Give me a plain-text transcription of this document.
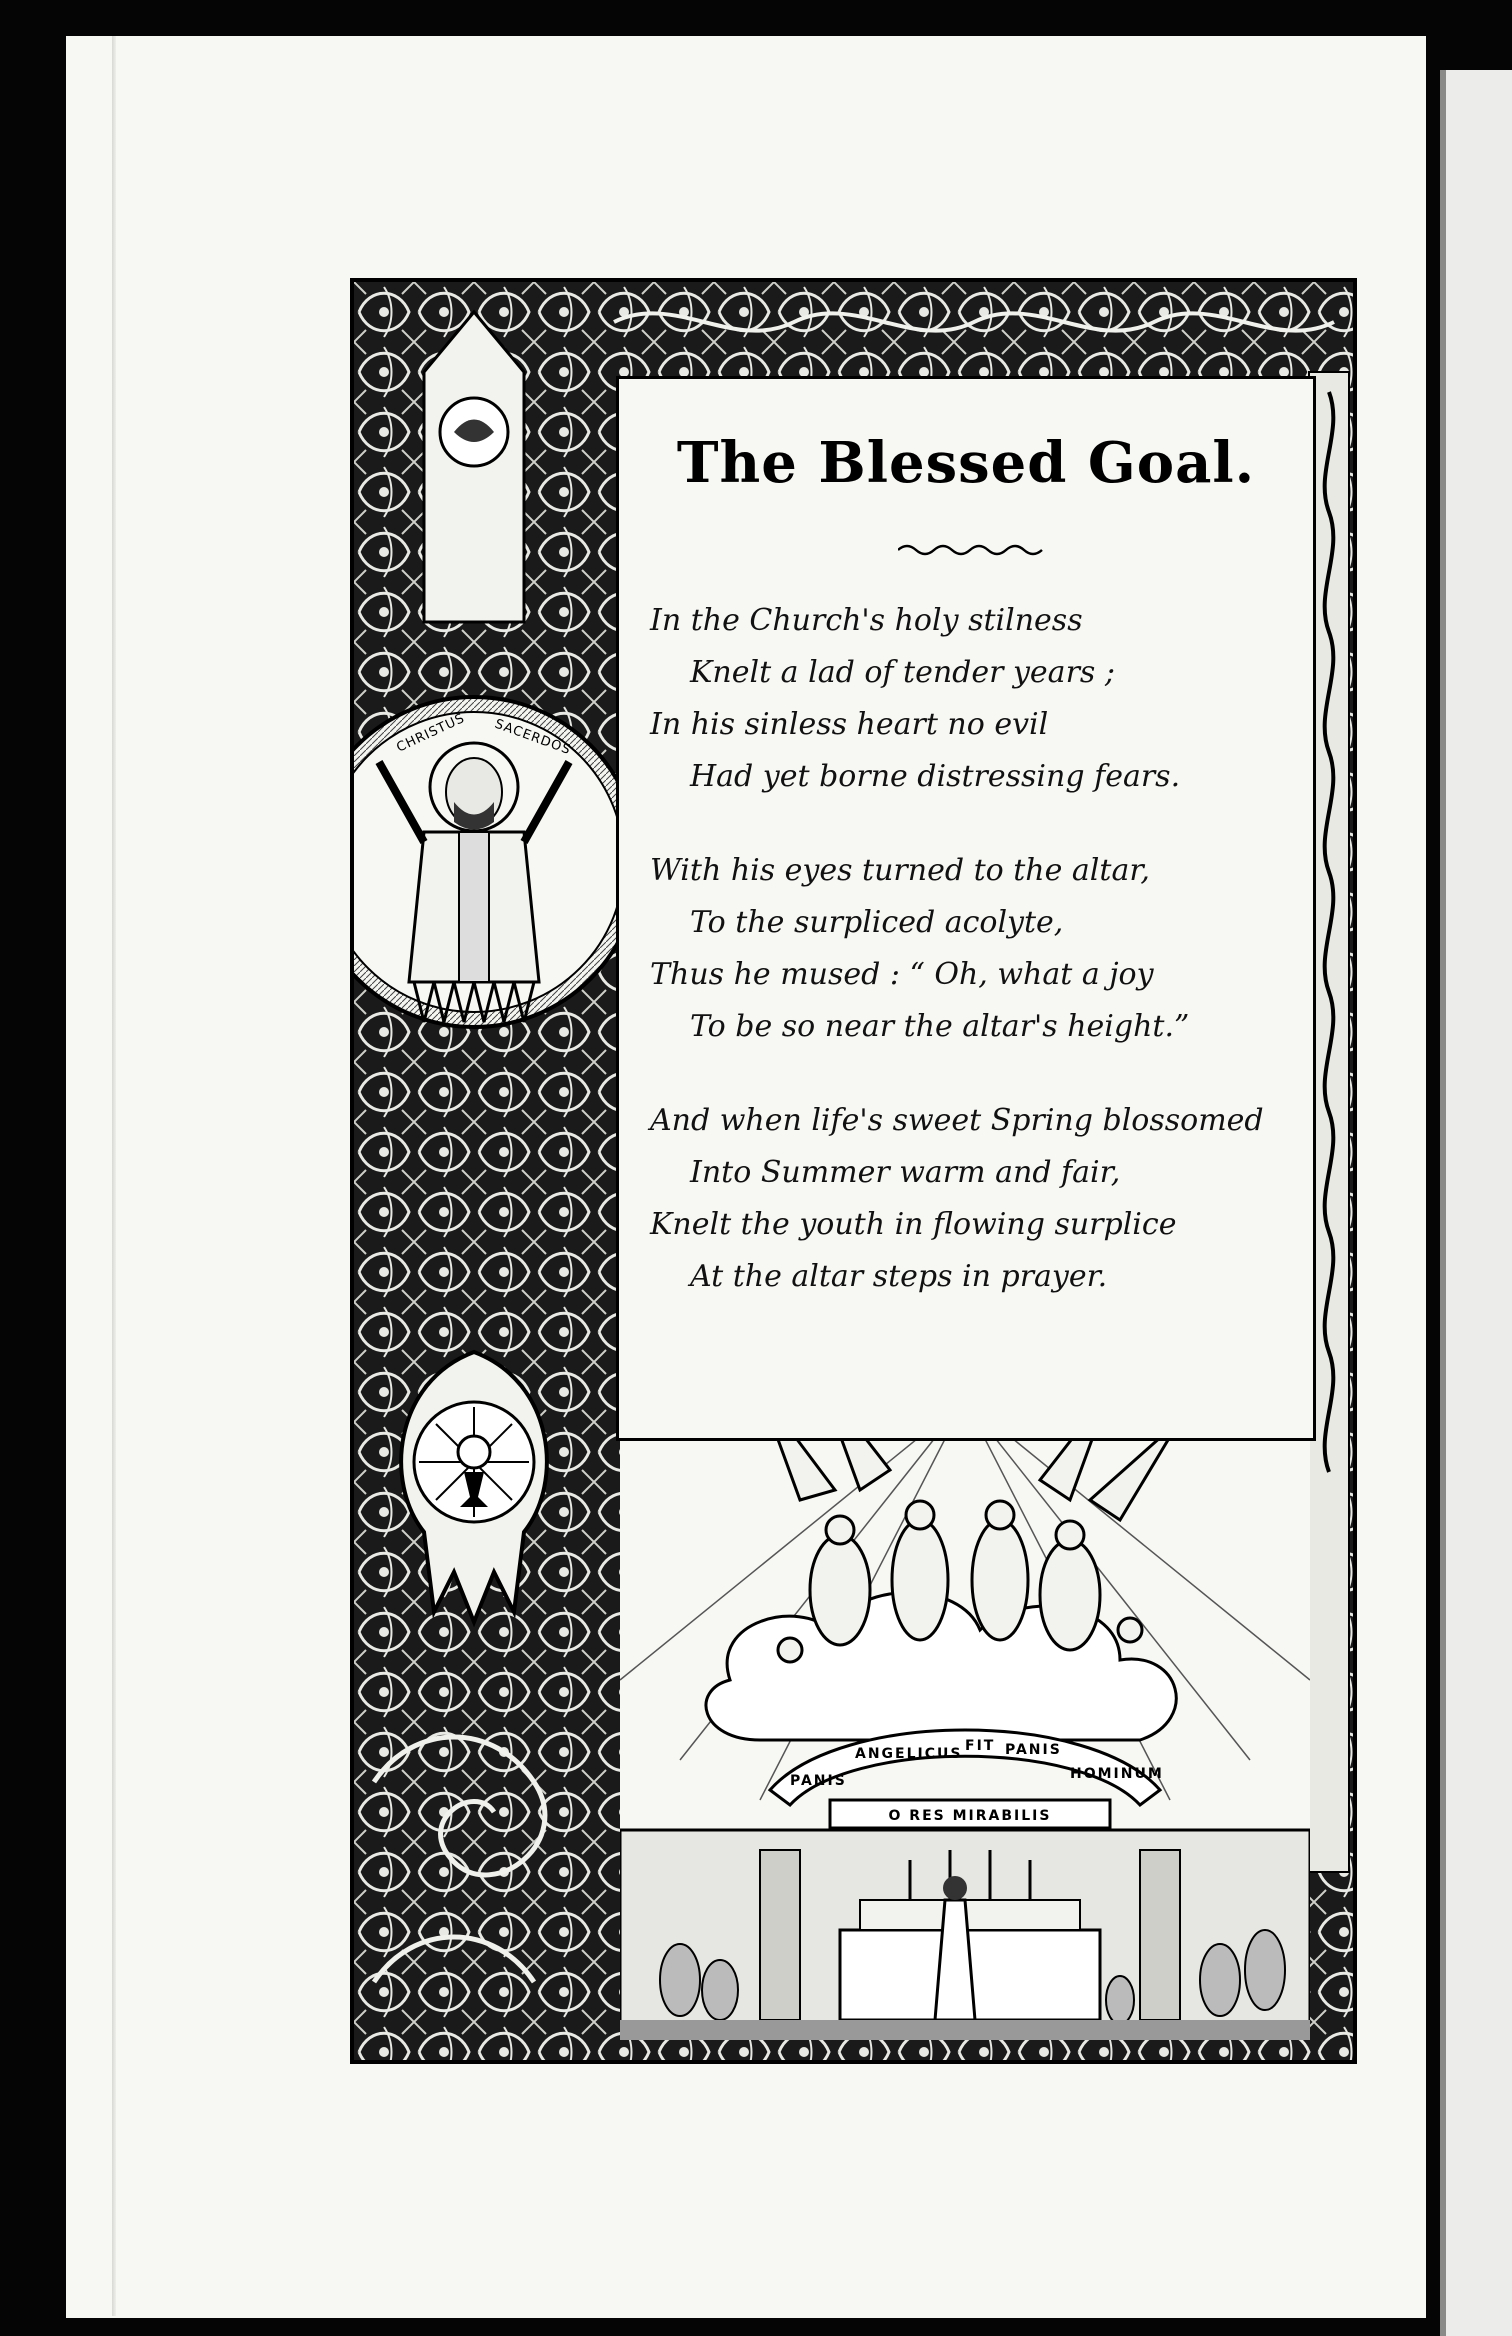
CHRISTUS SACERDOS
PANIS
ANGELICUS FIT PANIS
HOMINUM
O RES MIRABILIS
The Blessed Goal.
In the Church's holy stilness
Knelt a lad of tender years ;
In his sinless heart no evil
Had yet borne distressing fears.
With his eyes turned to the altar,
To the surpliced acolyte,
Thus he mused : “ Oh, what a joy
To be so near the altar's height.”
And when life's sweet Spring blossomed
Into Summer warm and fair,
Knelt the youth in flowing surplice
At the altar steps in prayer.
